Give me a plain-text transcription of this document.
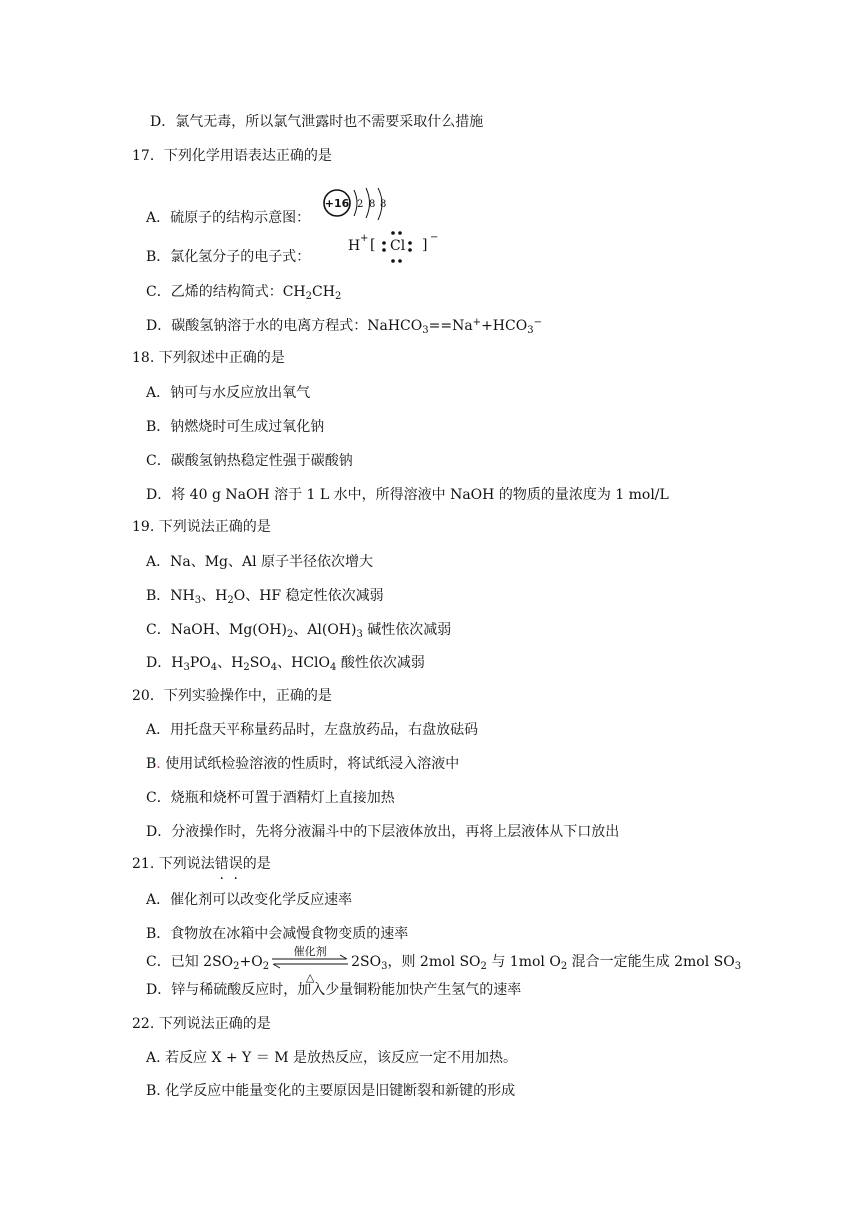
D．氯气无毒，所以氯气泄露时也不需要采取什么措施
17．下列化学用语表达正确的是
A．硫原子的结构示意图：
+16 2 8 8
B．氯化氢分子的电子式：
H + [ Cl ] −
C．乙烯的结构简式：$CH_2CH_2$
D．碳酸氢钠溶于水的电离方程式：$NaHCO_3==Na^++HCO_3^-$
18. 下列叙述中正确的是
A．钠可与水反应放出氧气
B．钠燃烧时可生成过氧化钠
C．碳酸氢钠热稳定性强于碳酸钠
D．将 40 g NaOH 溶于 1 L 水中，所得溶液中 NaOH 的物质的量浓度为 1 mol/L
19. 下列说法正确的是
A．Na、Mg、Al 原子半径依次增大
B．$NH_3$、$H_2O$、HF 稳定性依次减弱
C．NaOH、$Mg(OH)_2$、$Al(OH)_3$ 碱性依次减弱
D．$H_3PO_4$、$H_2SO_4$、HClO$_4$ 酸性依次减弱
20．下列实验操作中，正确的是
A．用托盘天平称量药品时，左盘放药品，右盘放砝码
B. 使用试纸检验溶液的性质时，将试纸浸入溶液中
C．烧瓶和烧杯可置于酒精灯上直接加热
D．分液操作时，先将分液漏斗中的下层液体放出，再将上层液体从下口放出
21. 下列说法错误的是
A．催化剂可以改变化学反应速率
B．食物放在冰箱中会减慢食物变质的速率
C．已知 $2SO_2+O_2$
催化剂
△
$2SO_3$，则 2mol $SO_2$ 与 1mol $O_2$ 混合一定能生成 2mol $SO_3$
D．锌与稀硫酸反应时，加入少量铜粉能加快产生氢气的速率
22. 下列说法正确的是
A. 若反应 X + Y ＝ M 是放热反应，该反应一定不用加热。
B. 化学反应中能量变化的主要原因是旧键断裂和新键的形成
